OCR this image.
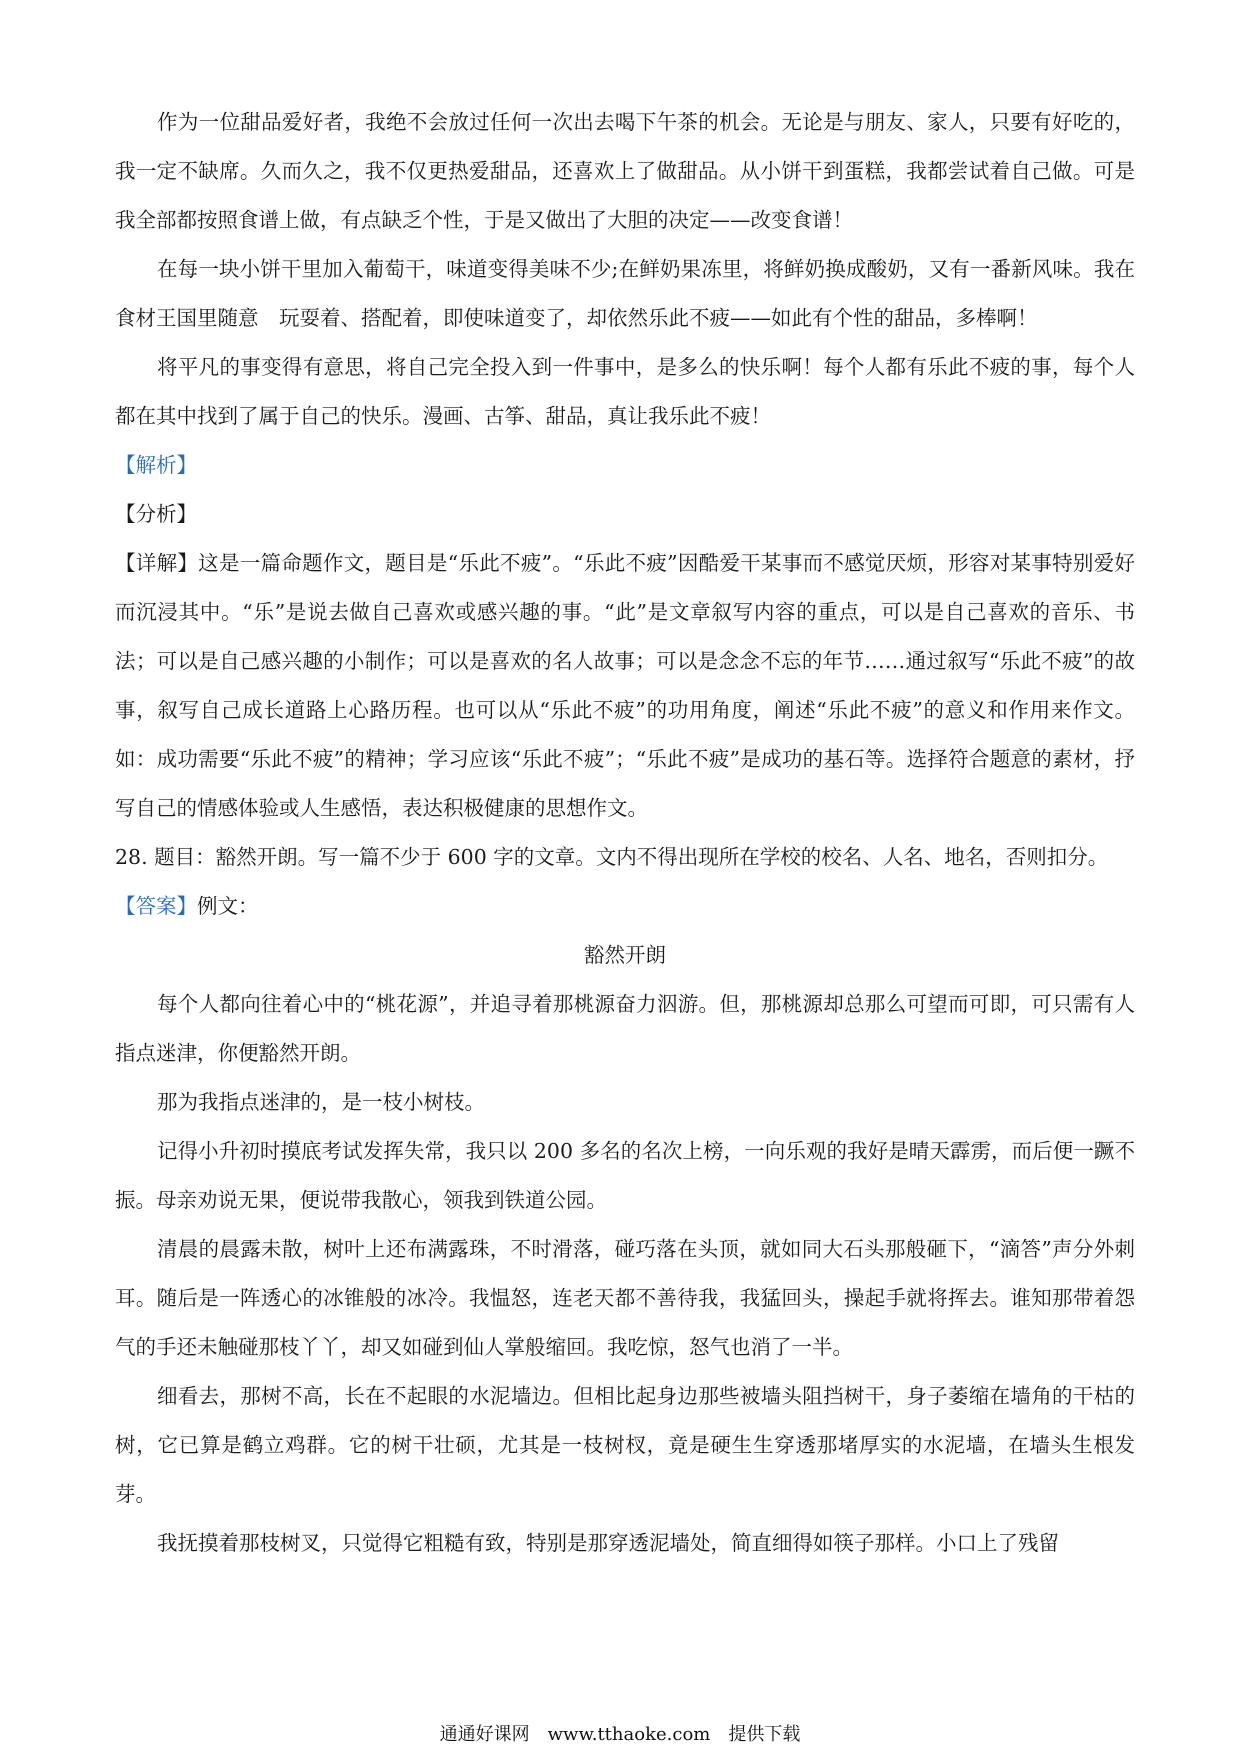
作为一位甜品爱好者，我绝不会放过任何一次出去喝下午茶的机会。无论是与朋友、家人，只要有好吃的，我一定不缺席。久而久之，我不仅更热爱甜品，还喜欢上了做甜品。从小饼干到蛋糕，我都尝试着自己做。可是我全部都按照食谱上做，有点缺乏个性，于是又做出了大胆的决定——改变食谱！

在每一块小饼干里加入葡萄干，味道变得美味不少;在鲜奶果冻里，将鲜奶换成酸奶，又有一番新风味。我在食材王国里随意　玩耍着、搭配着，即使味道变了，却依然乐此不疲——如此有个性的甜品，多棒啊！

将平凡的事变得有意思，将自己完全投入到一件事中，是多么的快乐啊！每个人都有乐此不疲的事，每个人都在其中找到了属于自己的快乐。漫画、古筝、甜品，真让我乐此不疲！

【解析】

【分析】

【详解】这是一篇命题作文，题目是“乐此不疲”。“乐此不疲”因酷爱干某事而不感觉厌烦，形容对某事特别爱好而沉浸其中。“乐”是说去做自己喜欢或感兴趣的事。“此”是文章叙写内容的重点，可以是自己喜欢的音乐、书法；可以是自己感兴趣的小制作；可以是喜欢的名人故事；可以是念念不忘的年节……通过叙写“乐此不疲”的故事，叙写自己成长道路上心路历程。也可以从“乐此不疲”的功用角度，阐述“乐此不疲”的意义和作用来作文。如：成功需要“乐此不疲”的精神；学习应该“乐此不疲”；“乐此不疲”是成功的基石等。选择符合题意的素材，抒写自己的情感体验或人生感悟，表达积极健康的思想作文。

28. 题目：豁然开朗。写一篇不少于 600 字的文章。文内不得出现所在学校的校名、人名、地名，否则扣分。

【答案】例文：

豁然开朗

每个人都向往着心中的“桃花源”，并追寻着那桃源奋力泅游。但，那桃源却总那么可望而可即，可只需有人指点迷津，你便豁然开朗。

那为我指点迷津的，是一枝小树枝。

记得小升初时摸底考试发挥失常，我只以 200 多名的名次上榜，一向乐观的我好是晴天霹雳，而后便一蹶不振。母亲劝说无果，便说带我散心，领我到铁道公园。

清晨的晨露未散，树叶上还布满露珠，不时滑落，碰巧落在头顶，就如同大石头那般砸下，“滴答”声分外刺耳。随后是一阵透心的冰锥般的冰冷。我愠怒，连老天都不善待我，我猛回头，操起手就将挥去。谁知那带着怨气的手还未触碰那枝丫丫，却又如碰到仙人掌般缩回。我吃惊，怒气也消了一半。

细看去，那树不高，长在不起眼的水泥墙边。但相比起身边那些被墙头阻挡树干，身子萎缩在墙角的干枯的树，它已算是鹤立鸡群。它的树干壮硕，尤其是一枝树杈，竟是硬生生穿透那堵厚实的水泥墙，在墙头生根发芽。

我抚摸着那枝树叉，只觉得它粗糙有致，特别是那穿透泥墙处，简直细得如筷子那样。小口上了残留

通通好课网　www.tthaoke.com　提供下载
